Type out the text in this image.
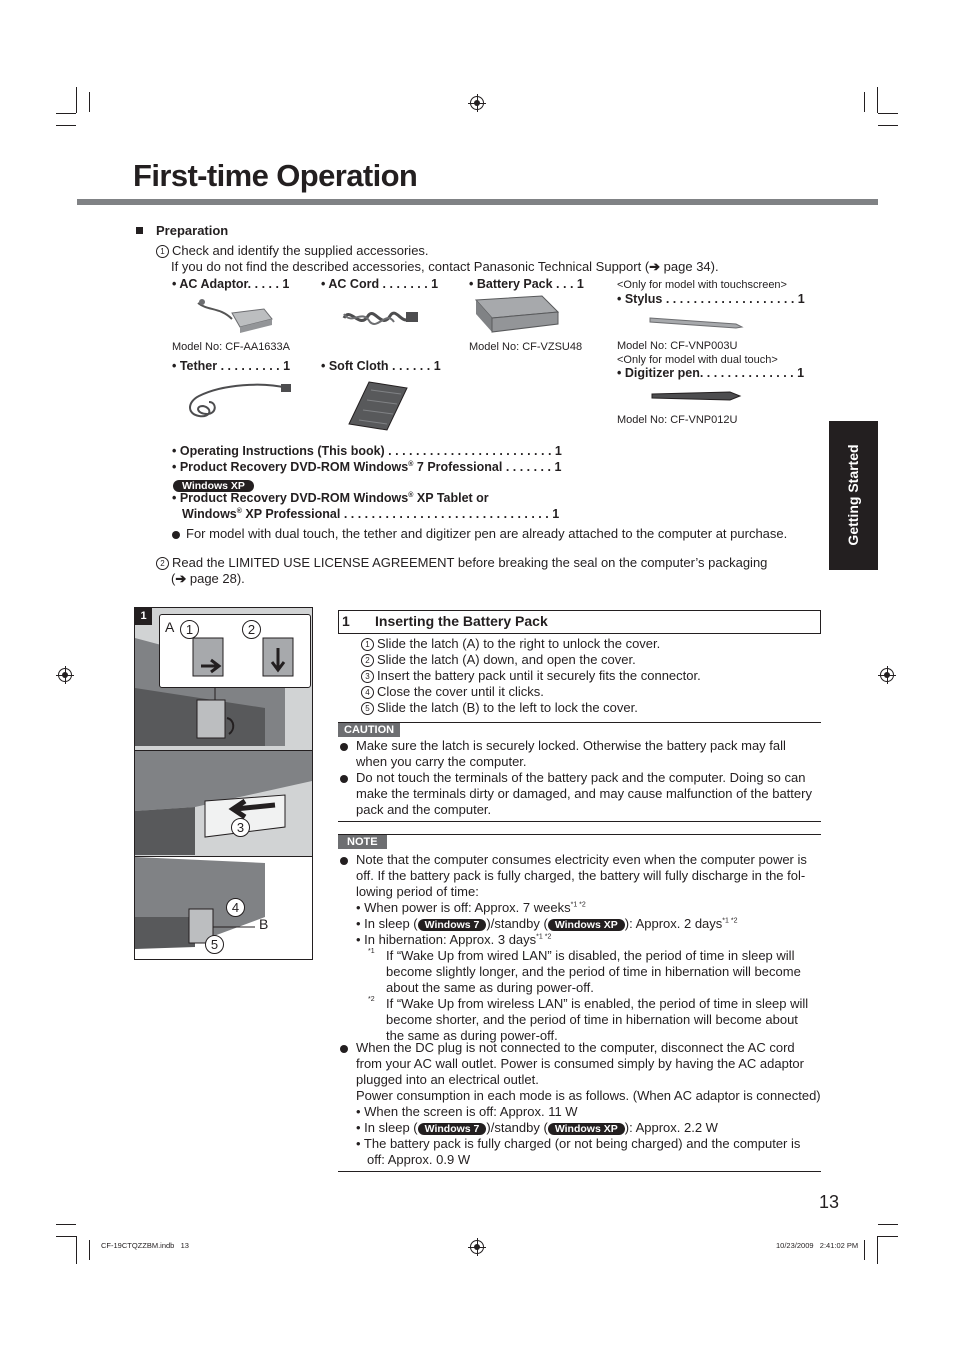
First-time Operation
Getting Started
Preparation
1 Check and identify the supplied accessories.
If you do not find the described accessories, contact Panasonic Technical Support (➔ page 34).
• AC Adaptor. . . . . 1	• AC Cord . . . . . . . 1 • Battery Pack . . . 1	<Only for model with touchscreen>
• Stylus . . . . . . . . . . . . . . . . . . . 1
Model No: CF-AA1633A	Model No: CF-VZSU48	Model No: CF-VNP003U
<Only for model with dual touch>
• Digitizer pen. . . . . . . . . . . . . . 1
• Tether . . . . . . . . . 1 • Soft Cloth . . . . . . 1
Model No: CF-VNP012U
• Operating Instructions (This book) . . . . . . . . . . . . . . . . . . . . . . . . 1
• Product Recovery DVD-ROM Windows® 7 Professional . . . . . . . 1
Windows XP
• Product Recovery DVD-ROM Windows® XP Tablet or
Windows® XP Professional . . . . . . . . . . . . . . . . . . . . . . . . . . . . . . 1
For model with dual touch, the tether and digitizer pen are already attached to the computer at purchase.
2 Read the LIMITED USE LICENSE AGREEMENT before breaking the seal on the computer’s packaging
(➔ page 28).
1
A 1	2
3
4
5
B
1 Inserting the Battery Pack
1 Slide the latch (A) to the right to unlock the cover.
2 Slide the latch (A) down, and open the cover.
3 Insert the battery pack until it securely fits the connector.
4 Close the cover until it clicks.
5 Slide the latch (B) to the left to lock the cover.
CAUTION
Make sure the latch is securely locked. Otherwise the battery pack may fall
when you carry the computer.
Do not touch the terminals of the battery pack and the computer. Doing so can
make the terminals dirty or damaged, and may cause malfunction of the battery
pack and the computer.
NOTE
Note that the computer consumes electricity even when the computer power is
off. If the battery pack is fully charged, the battery will fully discharge in the fol-
lowing period of time:
• When power is off: Approx. 7 weeks$^{*1 *2}$
• In sleep ( Windows 7 )/standby ( Windows XP ): Approx. 2 days$^{*1 *2}$
• In hibernation: Approx. 3 days$^{*1 *2}$
*1 If “Wake Up from wired LAN” is disabled, the period of time in sleep will
become slightly longer, and the period of time in hibernation will become
about the same as during power-off.
*2 If “Wake Up from wireless LAN” is enabled, the period of time in sleep will
become shorter, and the period of time in hibernation will become about
the same as during power-off.
When the DC plug is not connected to the computer, disconnect the AC cord
from your AC wall outlet. Power is consumed simply by having the AC adaptor
plugged into an electrical outlet.
Power consumption in each mode is as follows. (When AC adaptor is connected)
• When the screen is off: Approx. 11 W
• In sleep ( Windows 7 )/standby ( Windows XP ): Approx. 2.2 W
• The battery pack is fully charged (or not being charged) and the computer is
off: Approx. 0.9 W
13
CF-19CTQZZBM.indb   13	10/23/2009   2:41:02 PM
